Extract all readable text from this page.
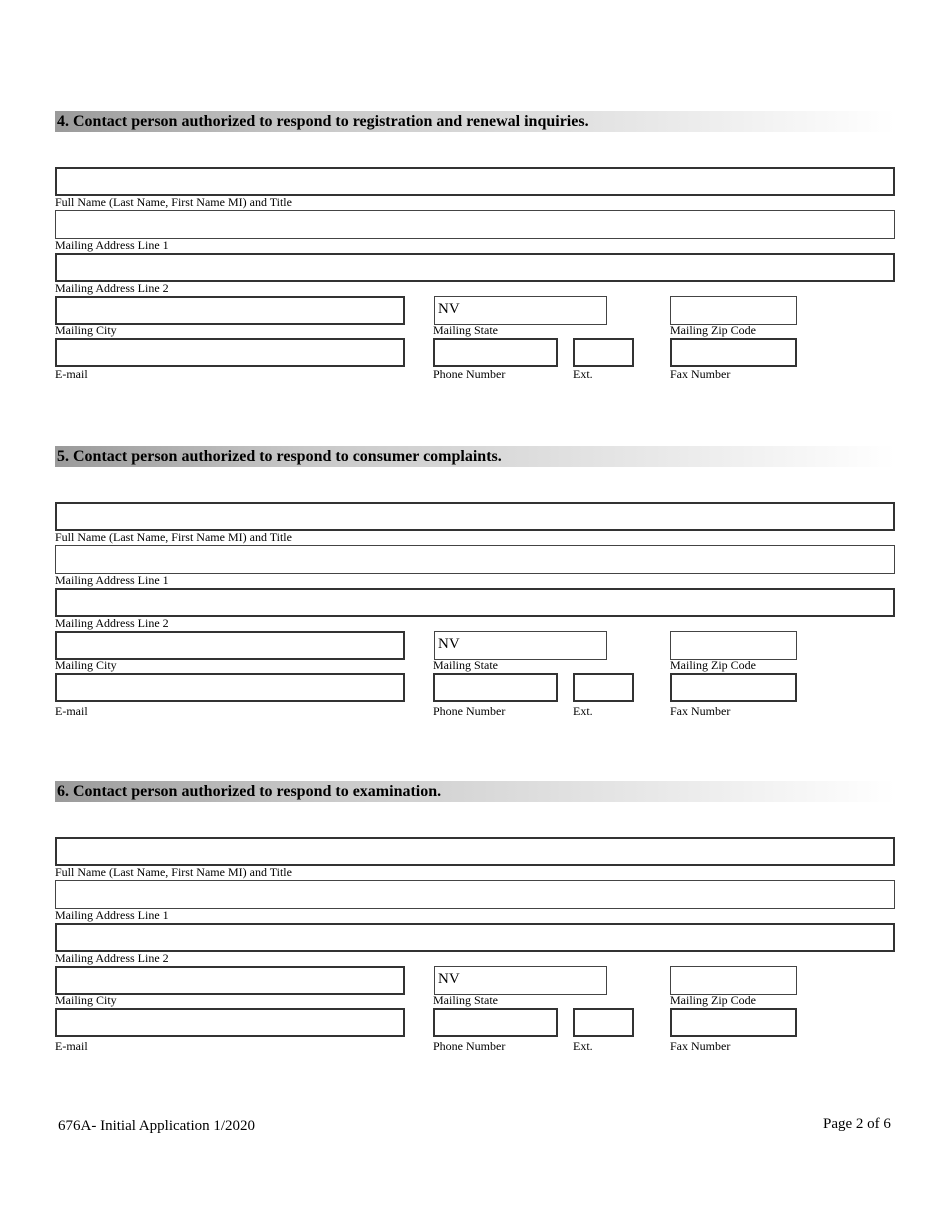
4. Contact person authorized to respond to registration and renewal inquiries.
Full Name (Last Name, First Name MI) and Title
Mailing Address Line 1
Mailing Address Line 2
NV
Mailing City	Mailing State	Mailing Zip Code
E-mail	Phone Number	Ext.	Fax Number
5. Contact person authorized to respond to consumer complaints.
Full Name (Last Name, First Name MI) and Title
Mailing Address Line 1
Mailing Address Line 2
NV
Mailing City	Mailing State	Mailing Zip Code
E-mail	Phone Number	Ext.	Fax Number
6. Contact person authorized to respond to examination.
Full Name (Last Name, First Name MI) and Title
Mailing Address Line 1
Mailing Address Line 2
NV
Mailing City	Mailing State	Mailing Zip Code
E-mail	Phone Number	Ext.	Fax Number
676A- Initial Application 1/2020	Page 2 of 6
